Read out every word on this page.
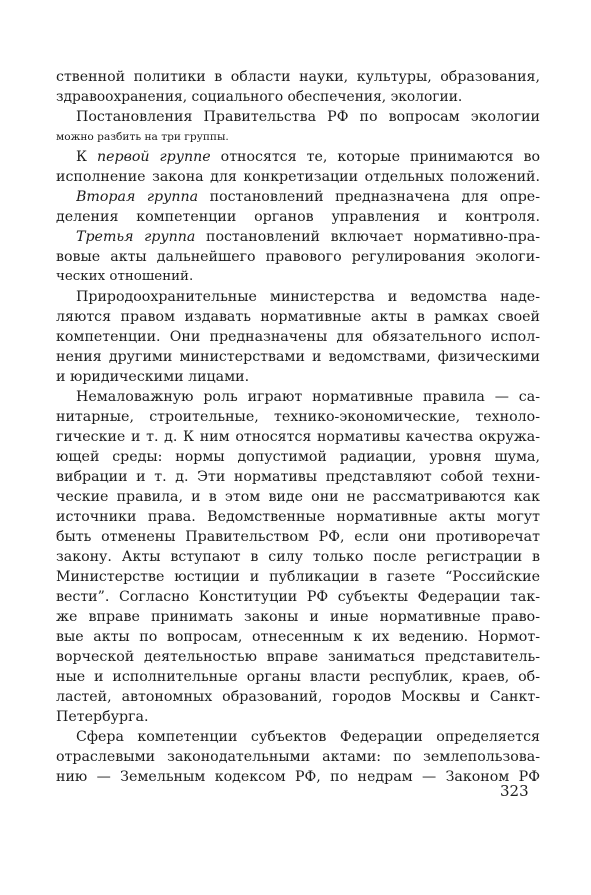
ственной политики в области науки, культуры, образования,
здравоохранения, социального обеспечения, экологии.
Постановления Правительства РФ по вопросам экологии
можно разбить на три группы.
К первой группе относятся те, которые принимаются во
исполнение закона для конкретизации отдельных положений.
Вторая группа постановлений предназначена для опре-
деления компетенции органов управления и контроля.
Третья группа постановлений включает нормативно-пра-
вовые акты дальнейшего правового регулирования экологи-
ческих отношений.
Природоохранительные министерства и ведомства наде-
ляются правом издавать нормативные акты в рамках своей
компетенции. Они предназначены для обязательного испол-
нения другими министерствами и ведомствами, физическими
и юридическими лицами.
Немаловажную роль играют нормативные правила — са-
нитарные, строительные, технико-экономические, техноло-
гические и т. д. К ним относятся нормативы качества окружа-
ющей среды: нормы допустимой радиации, уровня шума,
вибрации и т. д. Эти нормативы представляют собой техни-
ческие правила, и в этом виде они не рассматриваются как
источники права. Ведомственные нормативные акты могут
быть отменены Правительством РФ, если они противоречат
закону. Акты вступают в силу только после регистрации в
Министерстве юстиции и публикации в газете “Российские
вести”. Согласно Конституции РФ субъекты Федерации так-
же вправе принимать законы и иные нормативные право-
вые акты по вопросам, отнесенным к их ведению. Нормот-
ворческой деятельностью вправе заниматься представитель-
ные и исполнительные органы власти республик, краев, об-
ластей, автономных образований, городов Москвы и Санкт-
Петербурга.
Сфера компетенции субъектов Федерации определяется
отраслевыми законодательными актами: по землепользова-
нию — Земельным кодексом РФ, по недрам — Законом РФ
323
